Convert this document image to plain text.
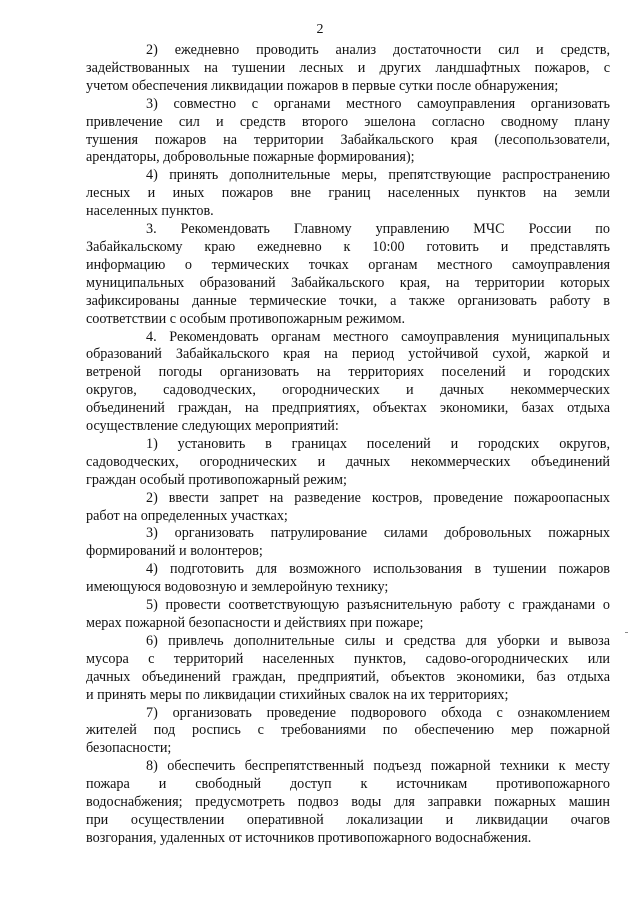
2

2) ежедневно проводить анализ достаточности сил и средств,
задействованных на тушении лесных и других ландшафтных пожаров, с
учетом обеспечения ликвидации пожаров в первые сутки после обнаружения;

3) совместно с органами местного самоуправления организовать
привлечение сил и средств второго эшелона согласно сводному плану
тушения пожаров на территории Забайкальского края (лесопользователи,
арендаторы, добровольные пожарные формирования);

4) принять дополнительные меры, препятствующие распространению
лесных и иных пожаров вне границ населенных пунктов на земли
населенных пунктов.

3. Рекомендовать Главному управлению МЧС России по
Забайкальскому краю ежедневно к 10:00 готовить и представлять
информацию о термических точках органам местного самоуправления
муниципальных образований Забайкальского края, на территории которых
зафиксированы данные термические точки, а также организовать работу в
соответствии с особым противопожарным режимом.

4. Рекомендовать органам местного самоуправления муниципальных
образований Забайкальского края на период устойчивой сухой, жаркой и
ветреной погоды организовать на территориях поселений и городских
округов, садоводческих, огороднических и дачных некоммерческих
объединений граждан, на предприятиях, объектах экономики, базах отдыха
осуществление следующих мероприятий:

1) установить в границах поселений и городских округов,
садоводческих, огороднических и дачных некоммерческих объединений
граждан особый противопожарный режим;

2) ввести запрет на разведение костров, проведение пожароопасных
работ на определенных участках;

3) организовать патрулирование силами добровольных пожарных
формирований и волонтеров;

4) подготовить для возможного использования в тушении пожаров
имеющуюся водовозную и землеройную технику;

5) провести соответствующую разъяснительную работу с гражданами о
мерах пожарной безопасности и действиях при пожаре;

6) привлечь дополнительные силы и средства для уборки и вывоза
мусора с территорий населенных пунктов, садово-огороднических или
дачных объединений граждан, предприятий, объектов экономики, баз отдыха
и принять меры по ликвидации стихийных свалок на их территориях;

7) организовать проведение подворового обхода с ознакомлением
жителей под роспись с требованиями по обеспечению мер пожарной
безопасности;

8) обеспечить беспрепятственный подъезд пожарной техники к месту
пожара и свободный доступ к источникам противопожарного
водоснабжения; предусмотреть подвоз воды для заправки пожарных машин
при осуществлении оперативной локализации и ликвидации очагов
возгорания, удаленных от источников противопожарного водоснабжения.
